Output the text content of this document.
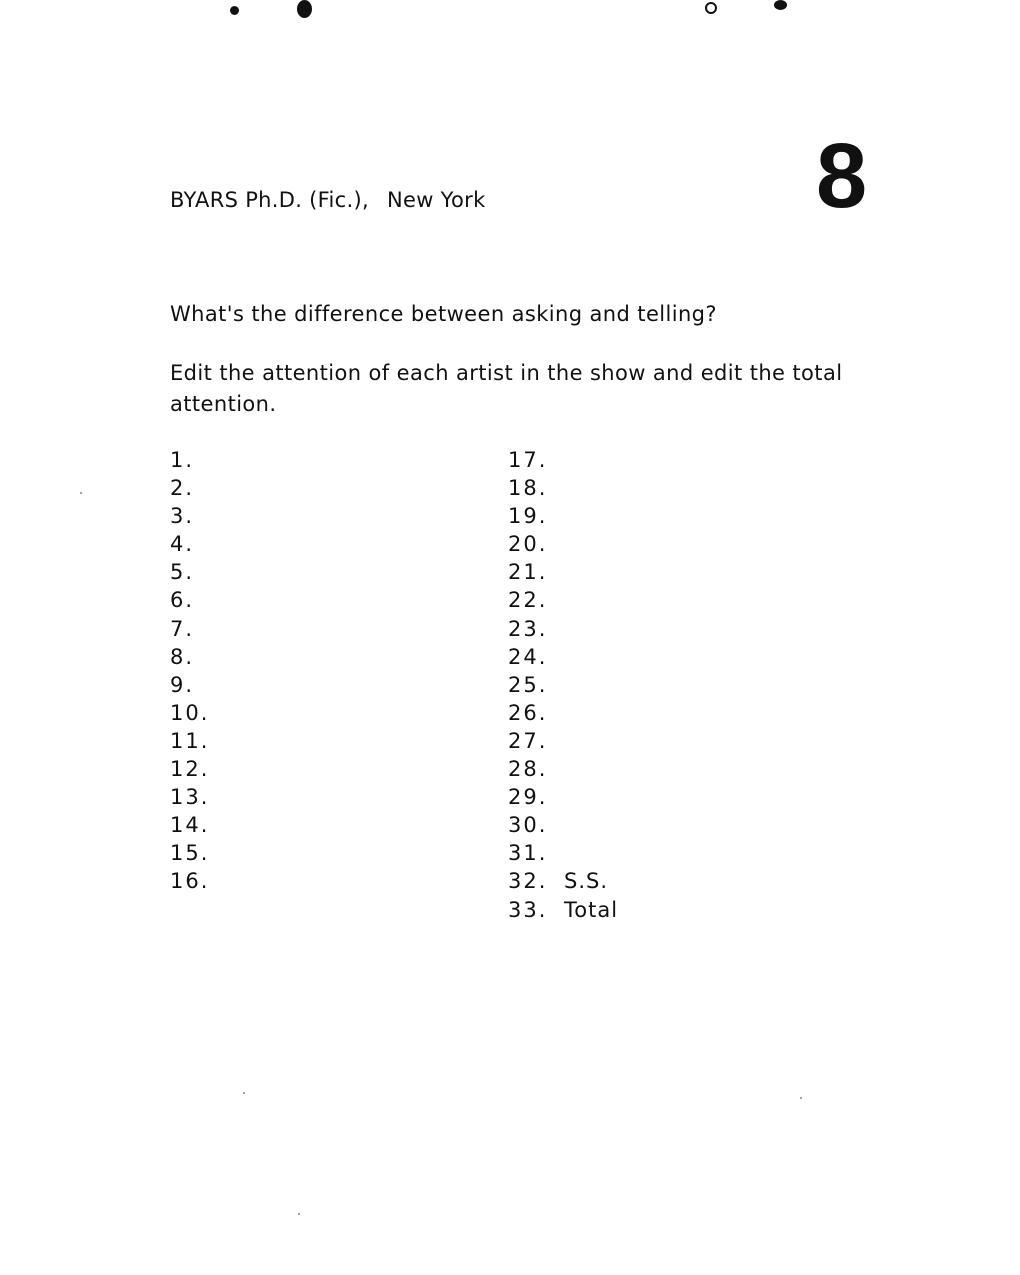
BYARS Ph.D. (Fic.), New York	8
What's the difference between asking and telling?
Edit the attention of each artist in the show and edit the total attention.
1.
2.
3.
4.
5.
6.
7.
8.
9.
10.
11.
12.
13.
14.
15.
16.
17.
18.
19.
20.
21.
22.
23.
24.
25.
26.
27.
28.
29.
30.
31.
32. S.S.
33. Total
